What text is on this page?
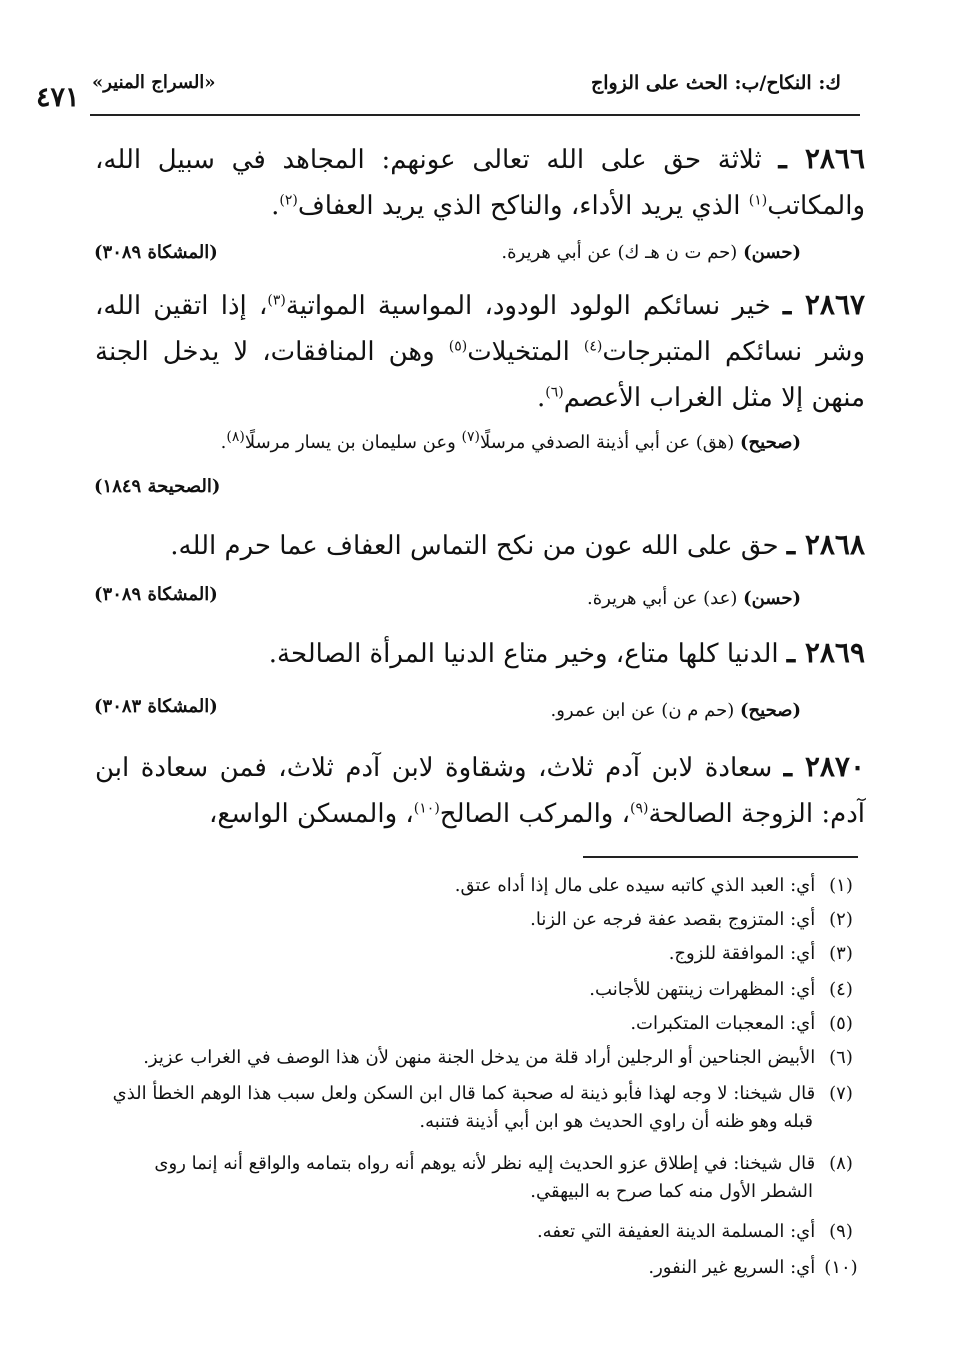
ك: النكاح/ب: الحث على الزواج
«السراج المنير»
٤٧١
٢٨٦٦ ـ ثلاثة حق على الله تعالى عونهم: المجاهد في سبيل الله، والمكاتب$^{(١)}$ الذي يريد الأداء، والناكح الذي يريد العفاف$^{(٢)}$.
(حسن) (حم ت ن هـ ك) عن أبي هريرة.
(المشكاة ٣٠٨٩)
٢٨٦٧ ـ خير نسائكم الولود الودود، المواسية المواتية$^{(٣)}$، إذا اتقين الله، وشر نسائكم المتبرجات$^{(٤)}$ المتخيلات$^{(٥)}$ وهن المنافقات، لا يدخل الجنة منهن إلا مثل الغراب الأعصم$^{(٦)}$.
(صحيح) (هق) عن أبي أذينة الصدفي مرسلًا$^{(٧)}$ وعن سليمان بن يسار مرسلًا$^{(٨)}$.
(الصحيحة ١٨٤٩)
٢٨٦٨ ـ حق على الله عون من نكح التماس العفاف عما حرم الله.
(حسن) (عد) عن أبي هريرة.
(المشكاة ٣٠٨٩)
٢٨٦٩ ـ الدنيا كلها متاع، وخير متاع الدنيا المرأة الصالحة.
(صحيح) (حم م ن) عن ابن عمرو.
(المشكاة ٣٠٨٣)
٢٨٧٠ ـ سعادة لابن آدم ثلاث، وشقاوة لابن آدم ثلاث، فمن سعادة ابن آدم: الزوجة الصالحة$^{(٩)}$، والمركب الصالح$^{(١٠)}$، والمسكن الواسع،
(١) أي: العبد الذي كاتبه سيده على مال إذا أداه عتق.
(٢) أي: المتزوج بقصد عفة فرجه عن الزنا.
(٣) أي: الموافقة للزوج.
(٤) أي: المظهرات زينتهن للأجانب.
(٥) أي: المعجبات المتكبرات.
(٦) الأبيض الجناحين أو الرجلين أراد قلة من يدخل الجنة منهن لأن هذا الوصف في الغراب عزيز.
(٧) قال شيخنا: لا وجه لهذا فأبو ذينة له صحبة كما قال ابن السكن ولعل سبب هذا الوهم الخطأ الذي قبله وهو ظنه أن راوي الحديث هو ابن أبي أذينة فتنبه.
(٨) قال شيخنا: في إطلاق عزو الحديث إليه نظر لأنه يوهم أنه رواه بتمامه والواقع أنه إنما روى الشطر الأول منه كما صرح به البيهقي.
(٩) أي: المسلمة الدينة العفيفة التي تعفه.
(١٠) أي: السريع غير النفور.
